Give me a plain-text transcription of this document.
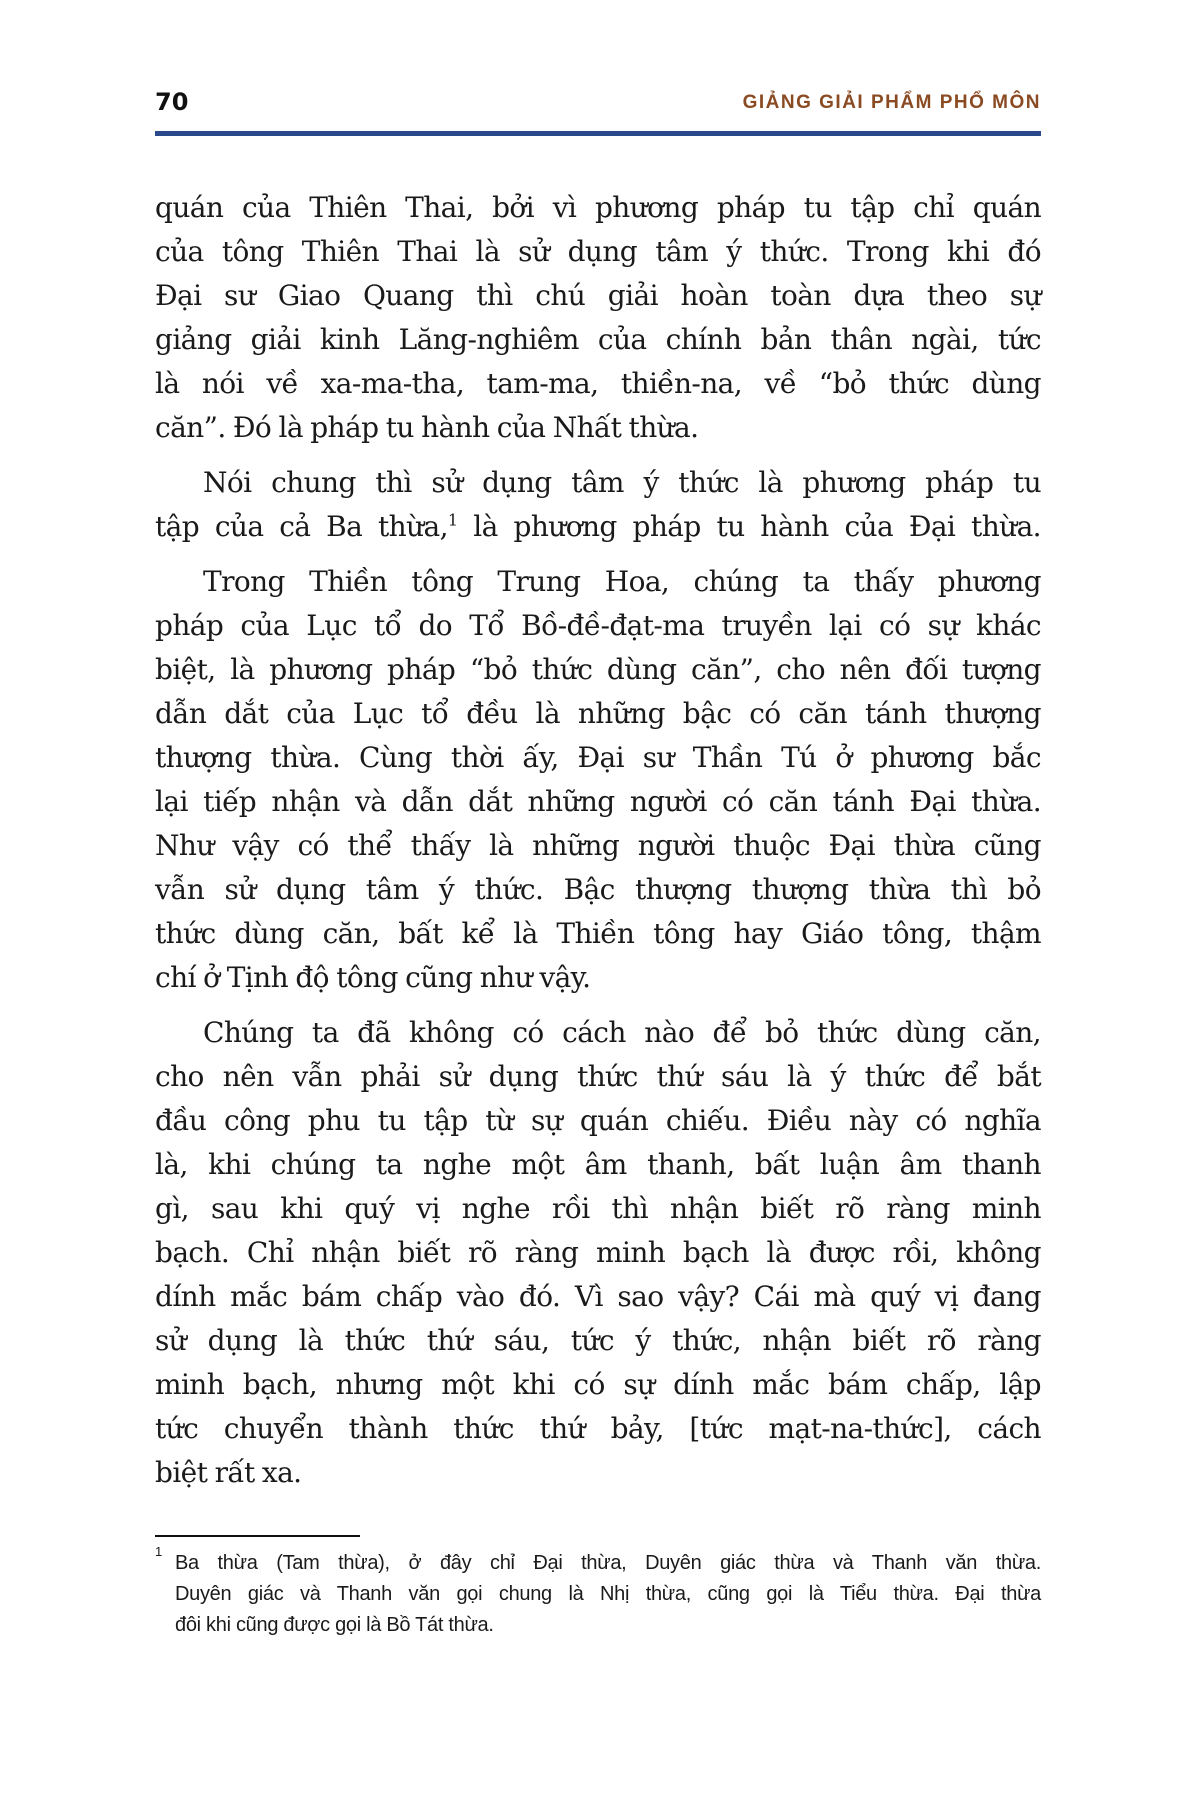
70	GIẢNG GIẢI PHẨM PHỔ MÔN

quán của Thiên Thai, bởi vì phương pháp tu tập chỉ quán
của tông Thiên Thai là sử dụng tâm ý thức. Trong khi đó
Đại sư Giao Quang thì chú giải hoàn toàn dựa theo sự
giảng giải kinh Lăng-nghiêm của chính bản thân ngài, tức
là nói về xa-ma-tha, tam-ma, thiền-na, về “bỏ thức dùng
căn”. Đó là pháp tu hành của Nhất thừa.

Nói chung thì sử dụng tâm ý thức là phương pháp tu
tập của cả Ba thừa,$^1$ là phương pháp tu hành của Đại thừa.

Trong Thiền tông Trung Hoa, chúng ta thấy phương
pháp của Lục tổ do Tổ Bồ-đề-đạt-ma truyền lại có sự khác
biệt, là phương pháp “bỏ thức dùng căn”, cho nên đối tượng
dẫn dắt của Lục tổ đều là những bậc có căn tánh thượng
thượng thừa. Cùng thời ấy, Đại sư Thần Tú ở phương bắc
lại tiếp nhận và dẫn dắt những người có căn tánh Đại thừa.
Như vậy có thể thấy là những người thuộc Đại thừa cũng
vẫn sử dụng tâm ý thức. Bậc thượng thượng thừa thì bỏ
thức dùng căn, bất kể là Thiền tông hay Giáo tông, thậm
chí ở Tịnh độ tông cũng như vậy.

Chúng ta đã không có cách nào để bỏ thức dùng căn,
cho nên vẫn phải sử dụng thức thứ sáu là ý thức để bắt
đầu công phu tu tập từ sự quán chiếu. Điều này có nghĩa
là, khi chúng ta nghe một âm thanh, bất luận âm thanh
gì, sau khi quý vị nghe rồi thì nhận biết rõ ràng minh
bạch. Chỉ nhận biết rõ ràng minh bạch là được rồi, không
dính mắc bám chấp vào đó. Vì sao vậy? Cái mà quý vị đang
sử dụng là thức thứ sáu, tức ý thức, nhận biết rõ ràng
minh bạch, nhưng một khi có sự dính mắc bám chấp, lập
tức chuyển thành thức thứ bảy, [tức mạt-na-thức], cách
biệt rất xa.

1
Ba thừa (Tam thừa), ở đây chỉ Đại thừa, Duyên giác thừa và Thanh văn thừa.
Duyên giác và Thanh văn gọi chung là Nhị thừa, cũng gọi là Tiểu thừa. Đại thừa
đôi khi cũng được gọi là Bồ Tát thừa.
